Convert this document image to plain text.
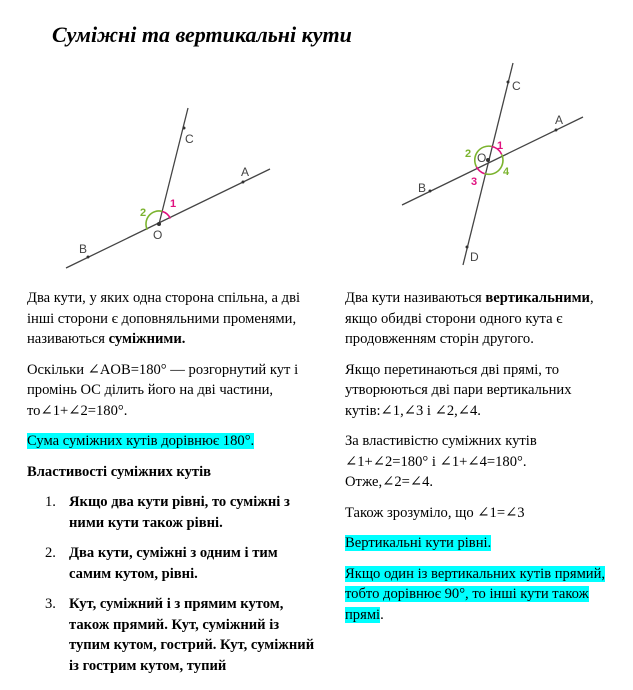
Суміжні та вертикальні кути
C
A
B
O
1
2
C
A
B
D
O
1
2
3
4

Два кути, у яких одна сторона спільна, а дві інші сторони є доповняльними променями, називаються суміжними.

Оскільки ∠AOB=180° — розгорнутий кут і промінь OC ділить його на дві частини, то∠1+∠2=180°.

Сума суміжних кутів дорівнює 180°.

Властивості суміжних кутів

1. Якщо два кути рівні, то суміжні з ними кути також рівні.
2. Два кути, суміжні з одним і тим самим кутом, рівні.
3. Кут, суміжний і з прямим кутом, також прямий. Кут, суміжний із тупим кутом, гострий. Кут, суміжний із гострим кутом, тупий

Два кути називаються вертикальними, якщо обидві сторони одного кута є продовженням сторін другого.

Якщо перетинаються дві прямі, то утворюються дві пари вертикальних кутів:∠1,∠3 і ∠2,∠4.

За властивістю суміжних кутів ∠1+∠2=180° і ∠1+∠4=180°. Отже,∠2=∠4.

Також зрозуміло, що ∠1=∠3

Вертикальні кути рівні.

Якщо один із вертикальних кутів прямий, тобто дорівнює 90°, то інші кути також прямі.
